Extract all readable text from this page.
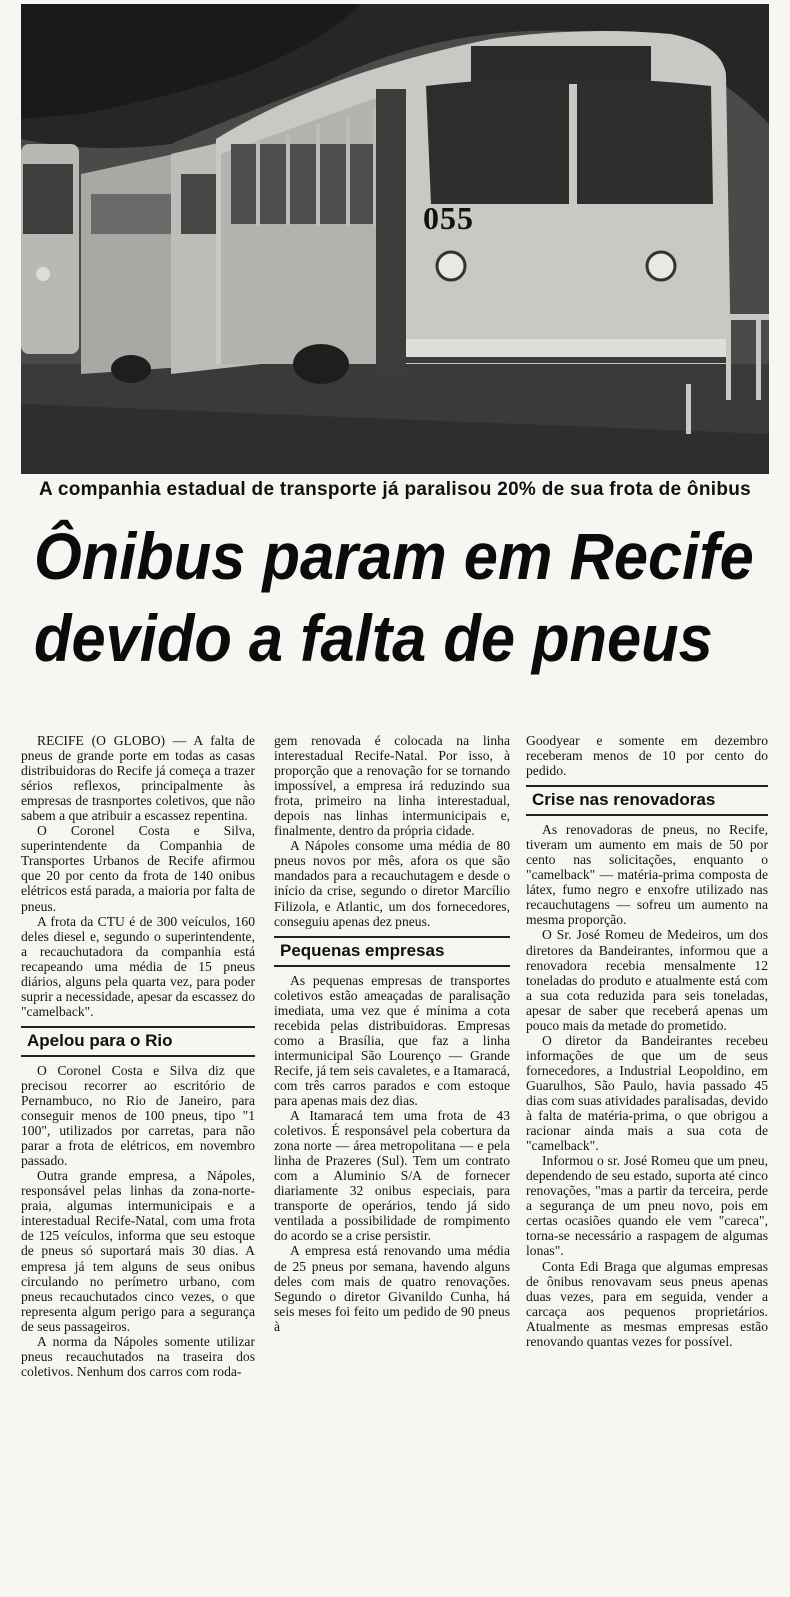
055
A companhia estadual de transporte já paralisou 20% de sua frota de ônibus
Ônibus param em Recife
devido a falta de pneus

RECIFE (O GLOBO) — A falta de pneus de grande porte em todas as casas distribuidoras do Recife já começa a trazer sérios reflexos, principalmente às empresas de trasnportes coletivos, que não sabem a que atribuir a escassez repentina.

O Coronel Costa e Silva, superintendente da Companhia de Transportes Urbanos de Recife afirmou que 20 por cento da frota de 140 onibus elétricos está parada, a maioria por falta de pneus.

A frota da CTU é de 300 veículos, 160 deles diesel e, segundo o superintendente, a recauchutadora da companhia está recapeando uma média de 15 pneus diários, alguns pela quarta vez, para poder suprir a necessidade, apesar da escassez do "camelback".

Apelou para o Rio

O Coronel Costa e Silva diz que precisou recorrer ao escritório de Pernambuco, no Rio de Janeiro, para conseguir menos de 100 pneus, tipo "1 100", utilizados por carretas, para não parar a frota de elétricos, em novembro passado.

Outra grande empresa, a Nápoles, responsável pelas linhas da zona-norte-praia, algumas intermunicipais e a interestadual Recife-Natal, com uma frota de 125 veículos, informa que seu estoque de pneus só suportará mais 30 dias. A empresa já tem alguns de seus onibus circulando no perímetro urbano, com pneus recauchutados cinco vezes, o que representa algum perigo para a segurança de seus passageiros.

A norma da Nápoles somente utilizar pneus recauchutados na traseira dos coletivos. Nenhum dos carros com roda-

gem renovada é colocada na linha interestadual Recife-Natal. Por isso, à proporção que a renovação for se tornando impossível, a empresa irá reduzindo sua frota, primeiro na linha interestadual, depois nas linhas intermunicipais e, finalmente, dentro da própria cidade.

A Nápoles consome uma média de 80 pneus novos por mês, afora os que são mandados para a recauchutagem e desde o início da crise, segundo o diretor Marcílio Filizola, e Atlantic, um dos fornecedores, conseguiu apenas dez pneus.

Pequenas empresas

As pequenas empresas de transportes coletivos estão ameaçadas de paralisação imediata, uma vez que é mínima a cota recebida pelas distribuidoras. Empresas como a Brasília, que faz a linha intermunicipal São Lourenço — Grande Recife, já tem seis cavaletes, e a Itamaracá, com três carros parados e com estoque para apenas mais dez dias.

A Itamaracá tem uma frota de 43 coletivos. É responsável pela cobertura da zona norte — área metropolitana — e pela linha de Prazeres (Sul). Tem um contrato com a Aluminio S/A de fornecer diariamente 32 onibus especiais, para transporte de operários, tendo já sido ventilada a possibilidade de rompimento do acordo se a crise persistir.

A empresa está renovando uma média de 25 pneus por semana, havendo alguns deles com mais de quatro renovações. Segundo o diretor Givanildo Cunha, há seis meses foi feito um pedido de 90 pneus à

Goodyear e somente em dezembro receberam menos de 10 por cento do pedido.

Crise nas renovadoras

As renovadoras de pneus, no Recife, tiveram um aumento em mais de 50 por cento nas solicitações, enquanto o "camelback" — matéria-prima composta de látex, fumo negro e enxofre utilizado nas recauchutagens — sofreu um aumento na mesma proporção.

O Sr. José Romeu de Medeiros, um dos diretores da Bandeirantes, informou que a renovadora recebia mensalmente 12 toneladas do produto e atualmente está com a sua cota reduzida para seis toneladas, apesar de saber que receberá apenas um pouco mais da metade do prometido.

O diretor da Bandeirantes recebeu informações de que um de seus fornecedores, a Industrial Leopoldino, em Guarulhos, São Paulo, havia passado 45 dias com suas atividades paralisadas, devido à falta de matéria-prima, o que obrigou a racionar ainda mais a sua cota de "camelback".

Informou o sr. José Romeu que um pneu, dependendo de seu estado, suporta até cinco renovações, "mas a partir da terceira, perde a segurança de um pneu novo, pois em certas ocasiões quando ele vem "careca", torna-se necessário a raspagem de algumas lonas".

Conta Edi Braga que algumas empresas de ônibus renovavam seus pneus apenas duas vezes, para em seguida, vender a carcaça aos pequenos proprietários. Atualmente as mesmas empresas estão renovando quantas vezes for possível.
